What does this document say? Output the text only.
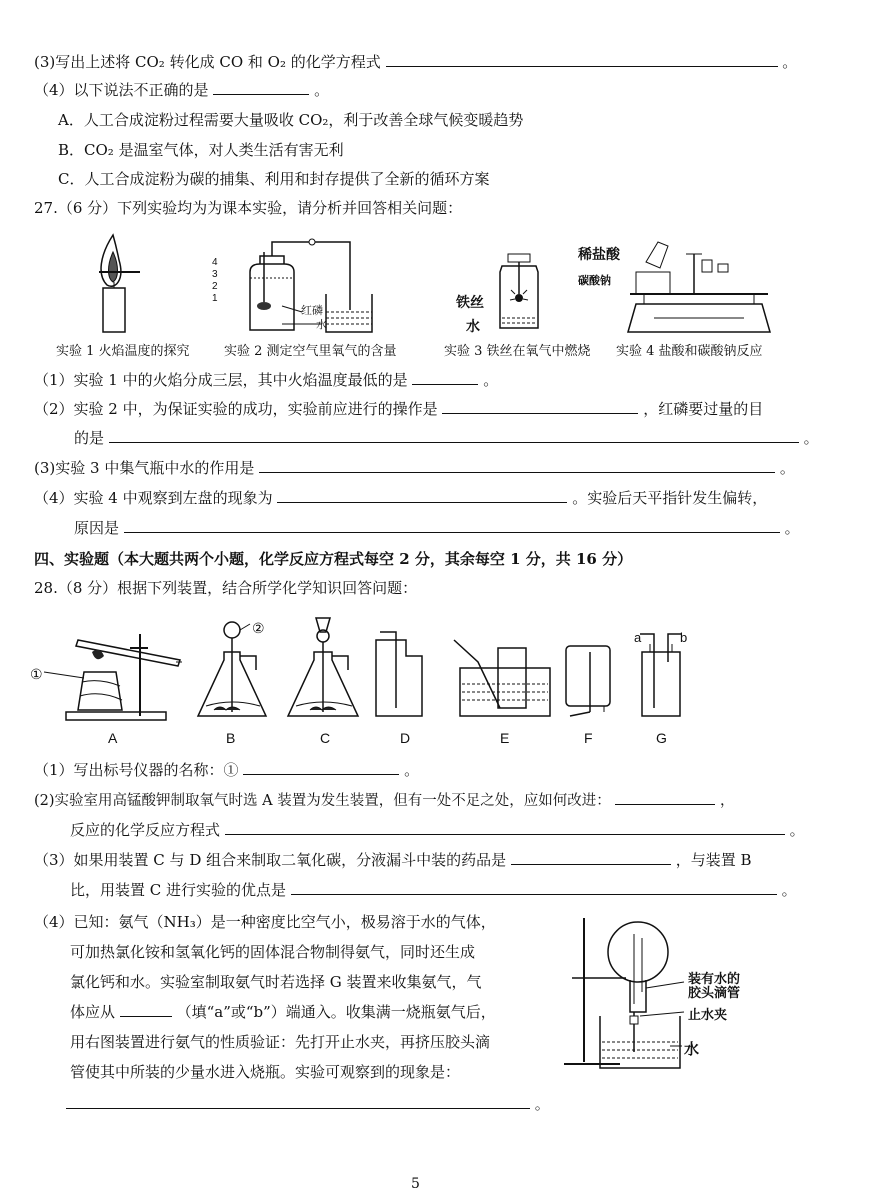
(3)写出上述将 CO₂ 转化成 CO 和 O₂ 的化学方程式	。
（4）以下说法不正确的是	。
A．人工合成淀粉过程需要大量吸收 CO₂，利于改善全球气候变暖趋势
B．CO₂ 是温室气体，对人类生活有害无利
C．人工合成淀粉为碳的捕集、利用和封存提供了全新的循环方案
27.（6 分）下列实验均为为课本实验，请分析并回答相关问题：
4
3
2
1
红磷
水
铁丝
水
稀盐酸
碳酸钠
实验 1 火焰温度的探究	实验 2 测定空气里氧气的含量	实验 3 铁丝在氧气中燃烧 实验 4 盐酸和碳酸钠反应
（1）实验 1 中的火焰分成三层，其中火焰温度最低的是	。
（2）实验 2 中，为保证实验的成功，实验前应进行的操作是	，红磷要过量的目
的是	。
(3)实验 3 中集气瓶中水的作用是	。
（4）实验 4 中观察到左盘的现象为	。实验后天平指针发生偏转，
原因是	。
四、实验题（本大题共两个小题，化学反应方程式每空 2 分，其余每空 1 分，共 16 分）
28.（8 分）根据下列装置，结合所学化学知识回答问题：
①
②
a	b
A	B	C	D	E	F	G
（1）写出标号仪器的名称：①	。
(2)实验室用高锰酸钾制取氧气时选 A 装置为发生装置，但有一处不足之处，应如何改进：	，
反应的化学反应方程式	。
（3）如果用装置 C 与 D 组合来制取二氧化碳，分液漏斗中装的药品是	，与装置 B
比，用装置 C 进行实验的优点是	。
（4）已知：氨气（NH₃）是一种密度比空气小，极易溶于水的气体，
可加热氯化铵和氢氧化钙的固体混合物制得氨气，同时还生成
氯化钙和水。实验室制取氨气时若选择 G 装置来收集氨气，气
体应从	（填“a”或“b”）端通入。收集满一烧瓶氨气后，
用右图装置进行氨气的性质验证：先打开止水夹，再挤压胶头滴
管使其中所装的少量水进入烧瓶。实验可观察到的现象是：
。
装有水的
胶头滴管
止水夹
水
5
